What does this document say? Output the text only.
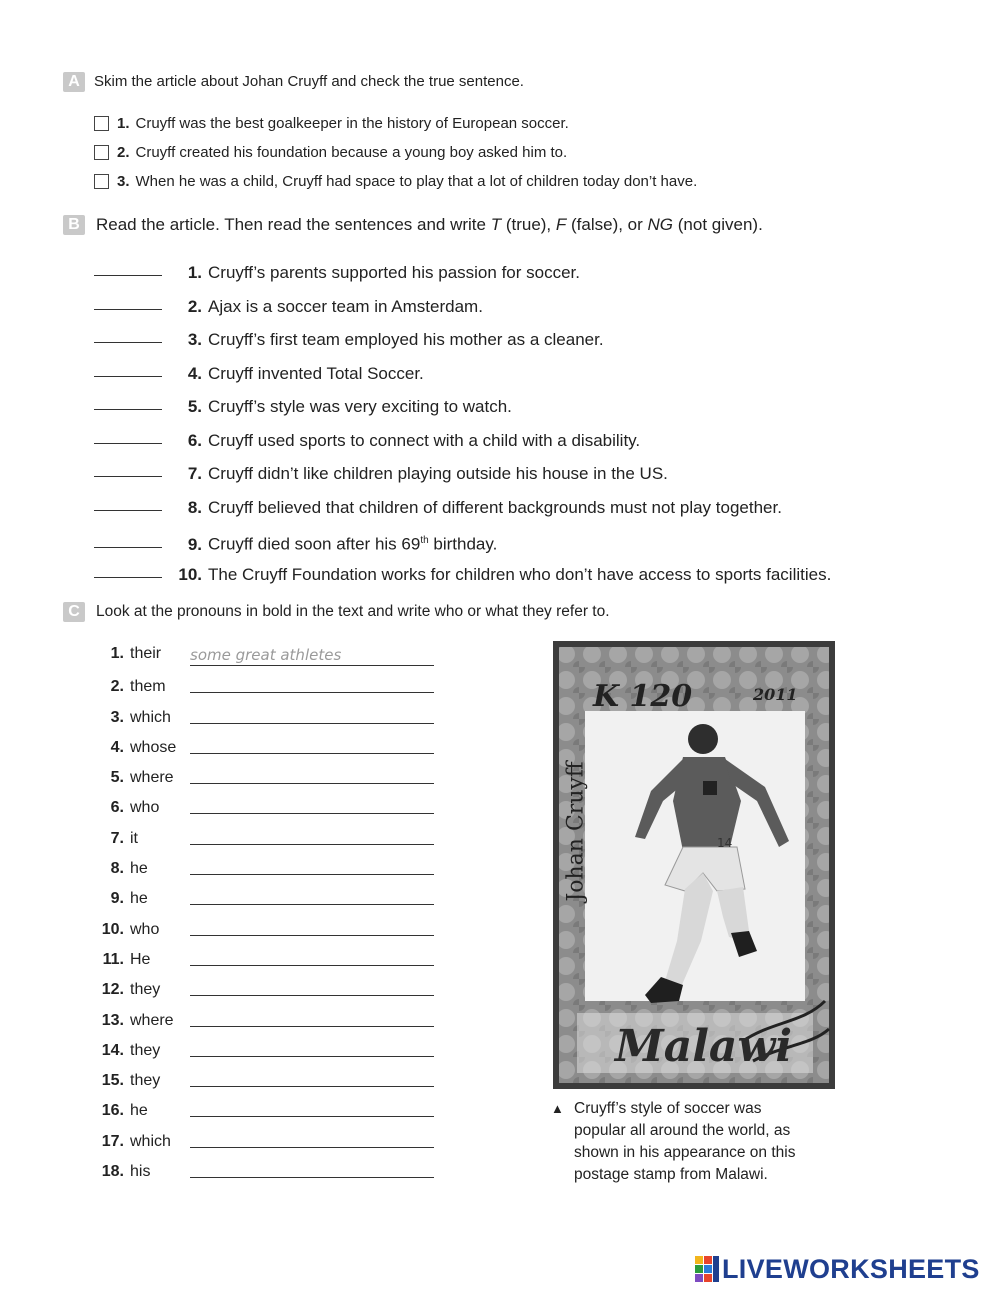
A Skim the article about Johan Cruyff and check the true sentence.
1. Cruyff was the best goalkeeper in the history of European soccer.
2. Cruyff created his foundation because a young boy asked him to.
3. When he was a child, Cruyff had space to play that a lot of children today don’t have.
B Read the article. Then read the sentences and write T (true), F (false), or NG (not given).
1. Cruyff’s parents supported his passion for soccer.
2. Ajax is a soccer team in Amsterdam.
3. Cruyff’s first team employed his mother as a cleaner.
4. Cruyff invented Total Soccer.
5. Cruyff’s style was very exciting to watch.
6. Cruyff used sports to connect with a child with a disability.
7. Cruyff didn’t like children playing outside his house in the US.
8. Cruyff believed that children of different backgrounds must not play together.
9. Cruyff died soon after his 69th birthday.
10. The Cruyff Foundation works for children who don’t have access to sports facilities.
C	Look at the pronouns in bold in the text and write who or what they refer to.
1. their some great athletes
2. them
3. which
4. whose
5. where
6. who
7. it
8. he
9. he
10. who
11. He
12. they
13. where
14. they
15. they
16. he
17. which
18. his
K 120	2011
Johan Cruyff	14
Malawi
▲ Cruyff’s style of soccer was
popular all around the world, as
shown in his appearance on this
postage stamp from Malawi.
LIVEWORKSHEETS
